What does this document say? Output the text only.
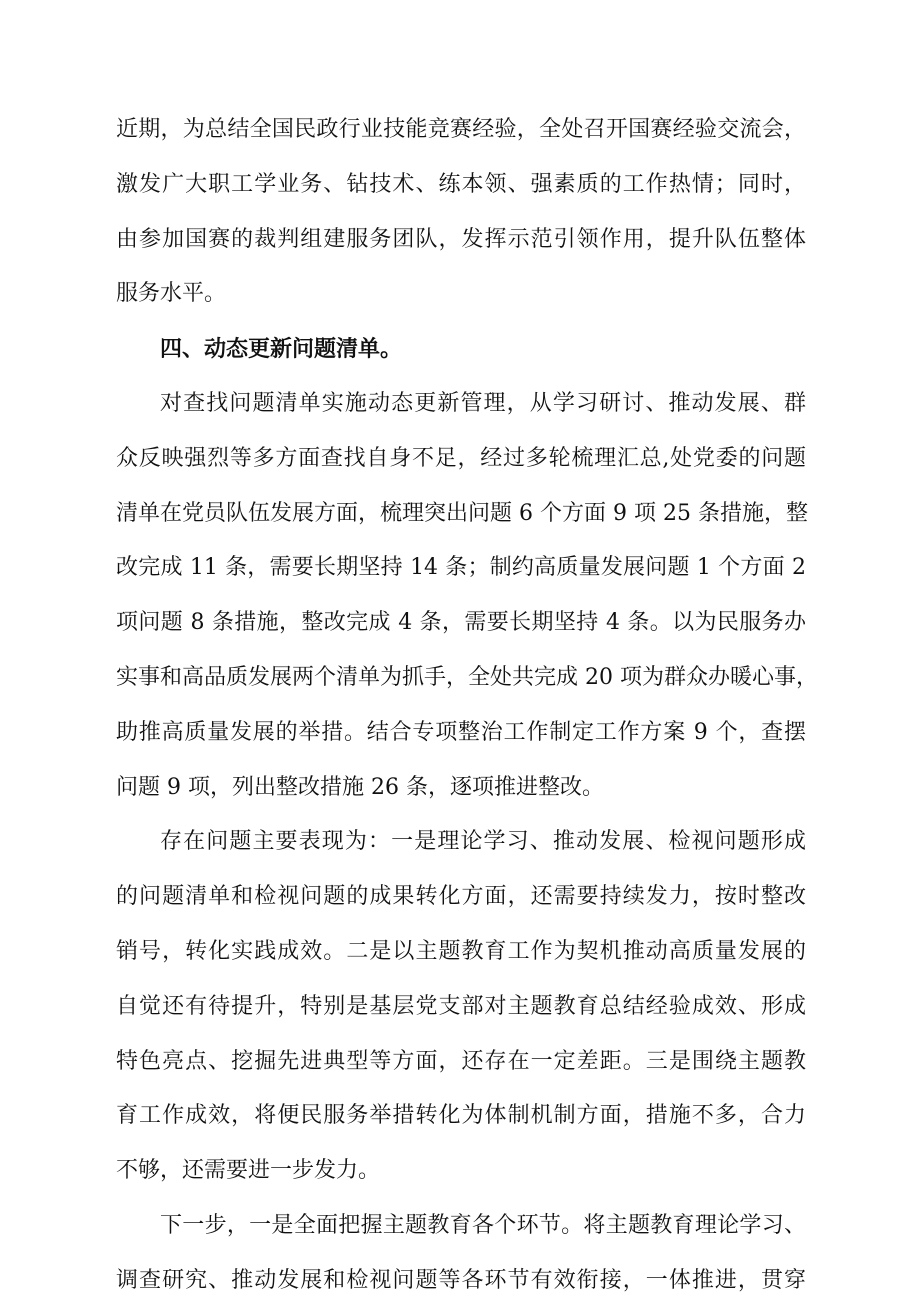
近期，为总结全国民政行业技能竞赛经验，全处召开国赛经验交流会，
激发广大职工学业务、钻技术、练本领、强素质的工作热情；同时，
由参加国赛的裁判组建服务团队，发挥示范引领作用，提升队伍整体
服务水平。
四、动态更新问题清单。
对查找问题清单实施动态更新管理，从学习研讨、推动发展、群
众反映强烈等多方面查找自身不足，经过多轮梳理汇总,处党委的问题
清单在党员队伍发展方面，梳理突出问题 6 个方面 9 项 25 条措施，整
改完成 11 条，需要长期坚持 14 条；制约高质量发展问题 1 个方面 2
项问题 8 条措施，整改完成 4 条，需要长期坚持 4 条。以为民服务办
实事和高品质发展两个清单为抓手，全处共完成 20 项为群众办暖心事，
助推高质量发展的举措。结合专项整治工作制定工作方案 9 个，查摆
问题 9 项，列出整改措施 26 条，逐项推进整改。
存在问题主要表现为：一是理论学习、推动发展、检视问题形成
的问题清单和检视问题的成果转化方面，还需要持续发力，按时整改
销号，转化实践成效。二是以主题教育工作为契机推动高质量发展的
自觉还有待提升，特别是基层党支部对主题教育总结经验成效、形成
特色亮点、挖掘先进典型等方面，还存在一定差距。三是围绕主题教
育工作成效，将便民服务举措转化为体制机制方面，措施不多，合力
不够，还需要进一步发力。
下一步，一是全面把握主题教育各个环节。将主题教育理论学习、
调查研究、推动发展和检视问题等各环节有效衔接，一体推进，贯穿
